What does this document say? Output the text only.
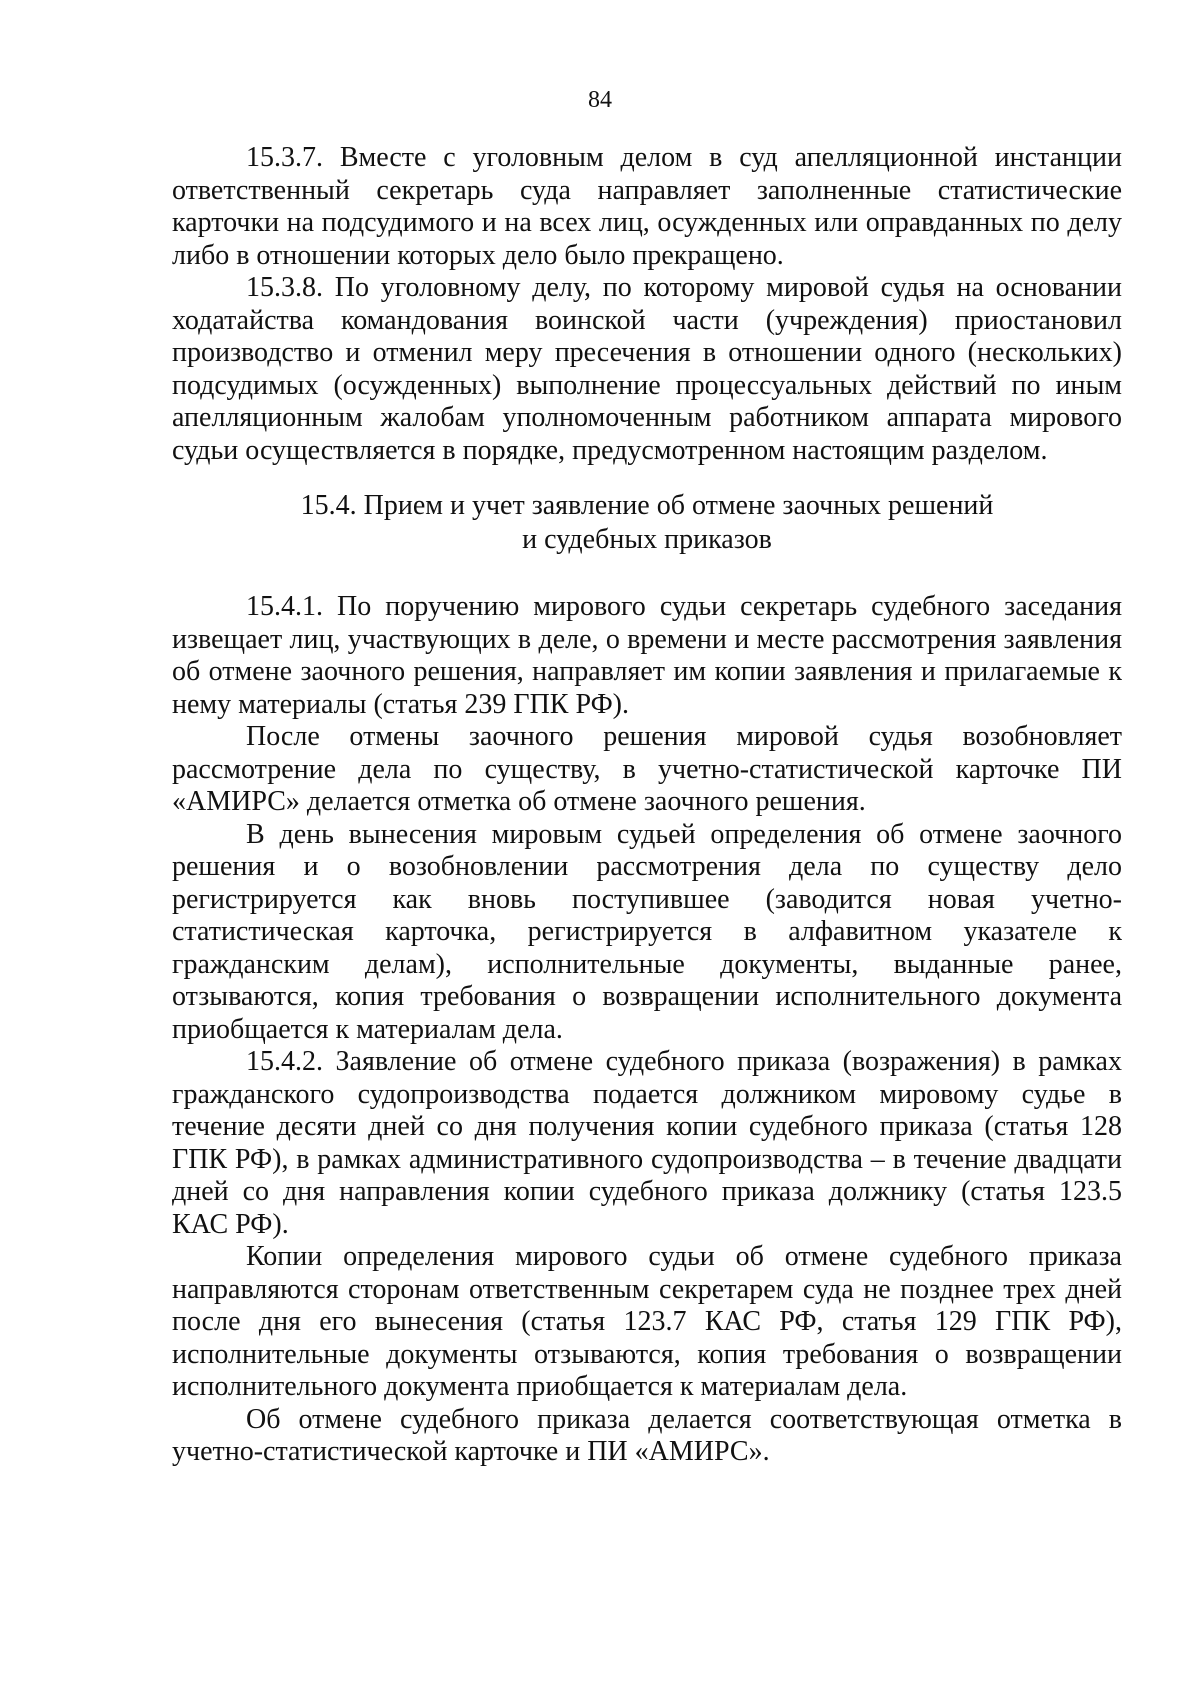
84

15.3.7. Вместе с уголовным делом в суд апелляционной инстанции ответственный секретарь суда направляет заполненные статистические карточки на подсудимого и на всех лиц, осужденных или оправданных по делу либо в отношении которых дело было прекращено.

15.3.8. По уголовному делу, по которому мировой судья на основании ходатайства командования воинской части (учреждения) приостановил производство и отменил меру пресечения в отношении одного (нескольких) подсудимых (осужденных) выполнение процессуальных действий по иным апелляционным жалобам уполномоченным работником аппарата мирового судьи осуществляется в порядке, предусмотренном настоящим разделом.

15.4. Прием и учет заявление об отмене заочных решений
и судебных приказов

15.4.1. По поручению мирового судьи секретарь судебного заседания извещает лиц, участвующих в деле, о времени и месте рассмотрения заявления об отмене заочного решения, направляет им копии заявления и прилагаемые к нему материалы (статья 239 ГПК РФ).

После отмены заочного решения мировой судья возобновляет рассмотрение дела по существу, в учетно-статистической карточке ПИ «АМИРС» делается отметка об отмене заочного решения.

В день вынесения мировым судьей определения об отмене заочного решения и о возобновлении рассмотрения дела по существу дело регистрируется как вновь поступившее (заводится новая учетно-статистическая карточка, регистрируется в алфавитном указателе к гражданским делам), исполнительные документы, выданные ранее, отзываются, копия требования о возвращении исполнительного документа приобщается к материалам дела.

15.4.2. Заявление об отмене судебного приказа (возражения) в рамках гражданского судопроизводства подается должником мировому судье в течение десяти дней со дня получения копии судебного приказа (статья 128 ГПК РФ), в рамках административного судопроизводства – в течение двадцати дней со дня направления копии судебного приказа должнику (статья 123.5 КАС РФ).

Копии определения мирового судьи об отмене судебного приказа направляются сторонам ответственным секретарем суда не позднее трех дней после дня его вынесения (статья 123.7 КАС РФ, статья 129 ГПК РФ), исполнительные документы отзываются, копия требования о возвращении исполнительного документа приобщается к материалам дела.

Об отмене судебного приказа делается соответствующая отметка в учетно-статистической карточке и ПИ «АМИРС».
